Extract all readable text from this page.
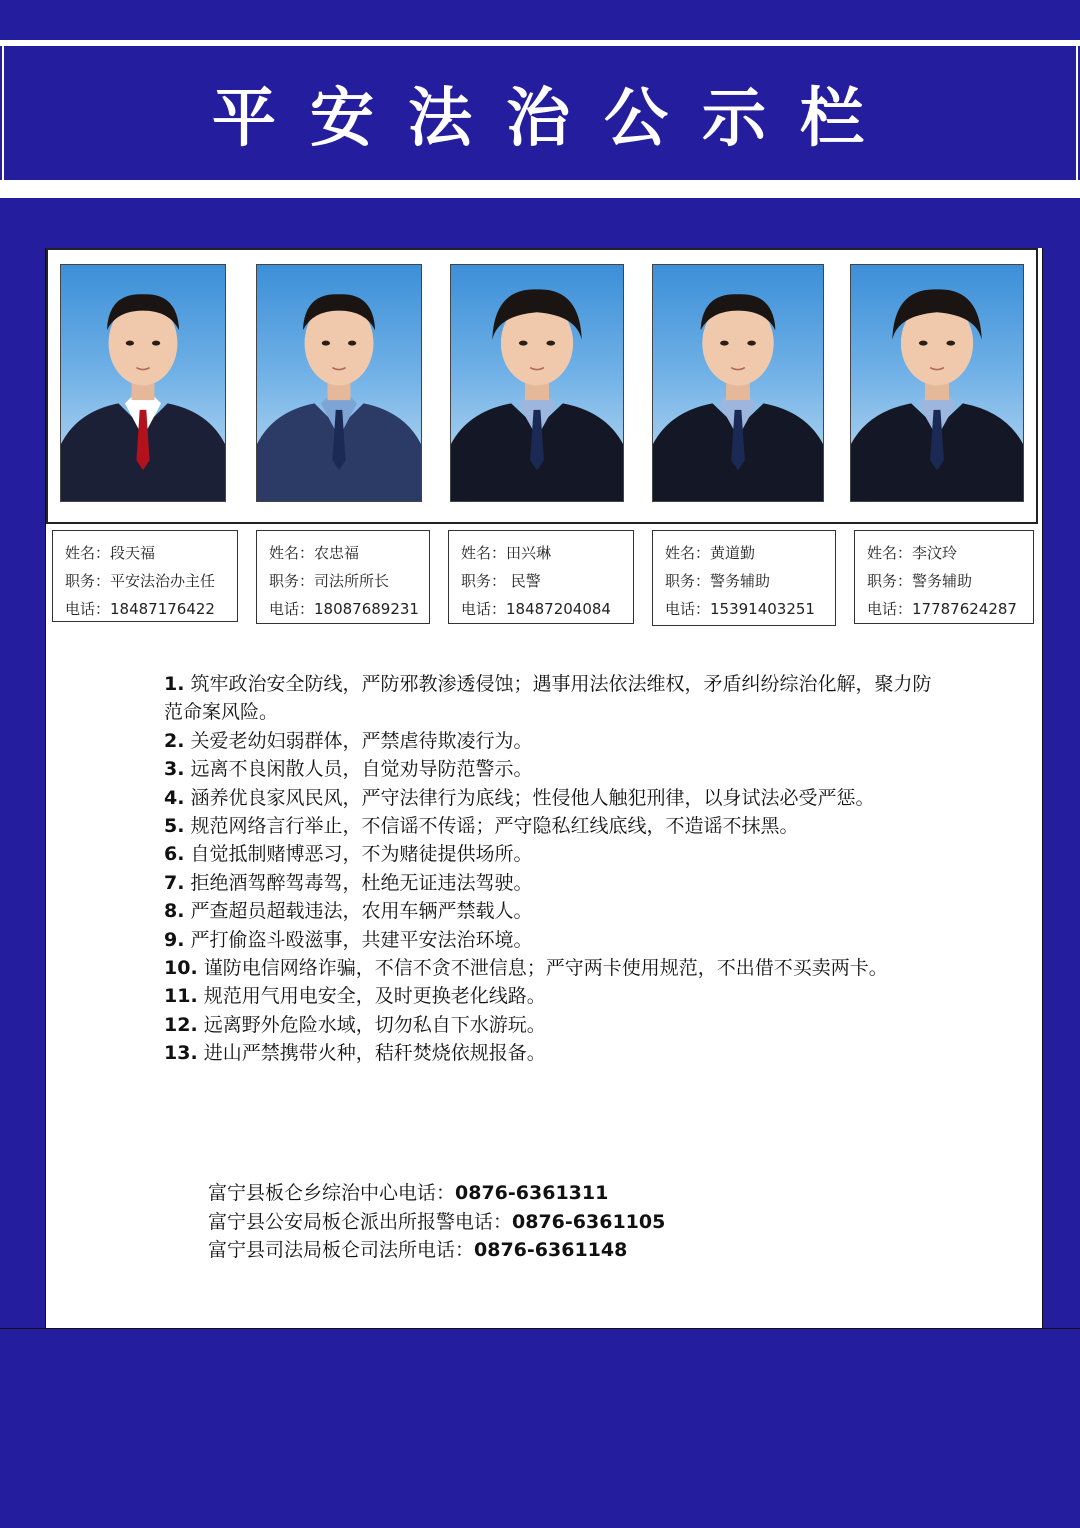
平安法治公示栏
姓名：段天福
职务：平安法治办主任
电话：18487176422
姓名：农忠福
职务：司法所所长
电话：18087689231
姓名：田兴琳
职务： 民警
电话：18487204084
姓名：黄道勤
职务：警务辅助
电话：15391403251
姓名：李汶玲
职务：警务辅助
电话：17787624287

1. 筑牢政治安全防线，严防邪教渗透侵蚀；遇事用法依法维权，矛盾纠纷综治化解，聚力防范命案风险。

2. 关爱老幼妇弱群体，严禁虐待欺凌行为。

3. 远离不良闲散人员，自觉劝导防范警示。

4. 涵养优良家风民风，严守法律行为底线；性侵他人触犯刑律，以身试法必受严惩。

5. 规范网络言行举止，不信谣不传谣；严守隐私红线底线，不造谣不抹黑。

6. 自觉抵制赌博恶习，不为赌徒提供场所。

7. 拒绝酒驾醉驾毒驾，杜绝无证违法驾驶。

8. 严查超员超载违法，农用车辆严禁载人。

9. 严打偷盗斗殴滋事，共建平安法治环境。

10. 谨防电信网络诈骗，不信不贪不泄信息；严守两卡使用规范，不出借不买卖两卡。

11. 规范用气用电安全，及时更换老化线路。

12. 远离野外危险水域，切勿私自下水游玩。

13. 进山严禁携带火种，秸秆焚烧依规报备。

富宁县板仑乡综治中心电话：0876-6361311
富宁县公安局板仑派出所报警电话：0876-6361105
富宁县司法局板仑司法所电话：0876-6361148
